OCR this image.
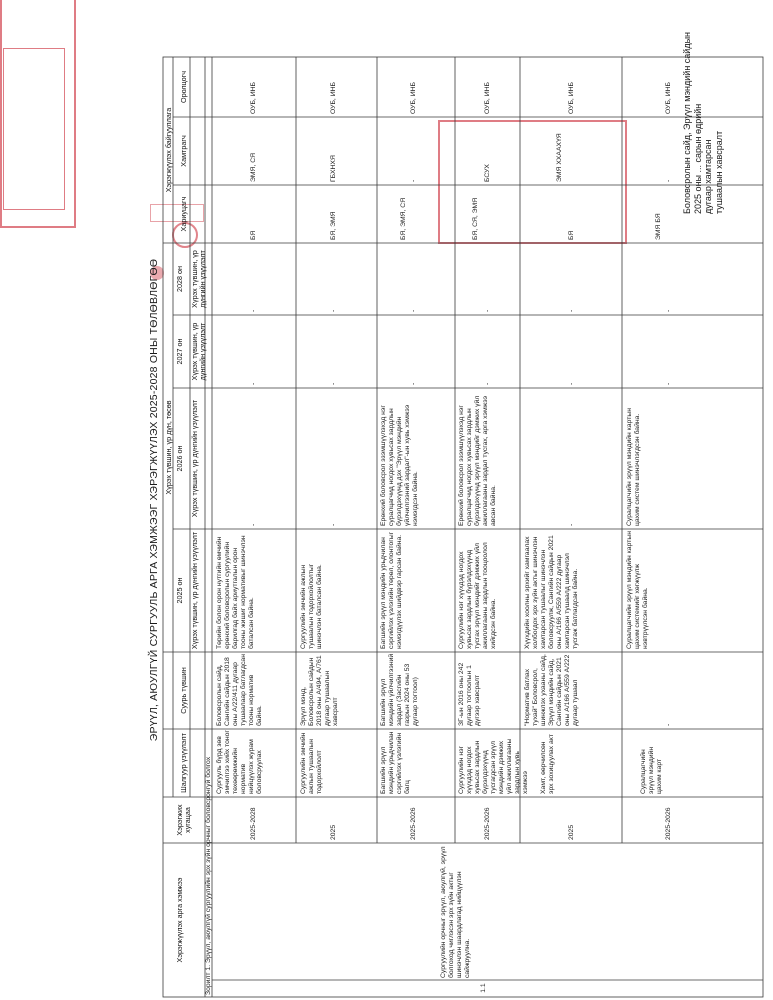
Боловсролын сайд, Эрүүл мэндийн сайдын 2025 оны ... сарын өдрийн
дугаар хамтарсан тушаалын хавсралт
ЭРҮҮЛ, АЮУЛГҮЙ СУРГУУЛЬ АРГА ХЭМЖЭЭГ ХЭРЭГЖҮҮЛЭХ 2025-2028 ОНЫ ТӨЛӨВЛӨГӨӨ
Хэрэгжүүлэх арга хэмжээ
Хэрэгжих хугацаа
Шалгуур үзүүлэлт
Суурь түвшин
Хүрэх түвшин, үр дүн, төсөв
2025 он
2026 он
2027 он
2028 он
Хүрэх түвшин, үр дүнгийн үзүүлэлт
Хүрэх түвшин, үр дүнгийн үзүүлэлт
Хүрэх түвшин, үр дүнгийн үзүүлэлт
Хүрэх түвшин, үр дүнгийн үзүүлэлт
Хэрэгжүүлэх байгууллага
Хариуцагч
Хамтрагч
Оролцогч
Зорилт 1. Эрүүл, аюулгүй сургуулийн эрх зүйн орчныг боловсронгуй болгох	1.1
Сургуулийн орчныг эрүүл, аюулгүй, эрүүл болгоход чиглэсэн эрх зүйн актыг шинэчлэн шаардлагад нийцүүлэн сайжруулна.
2025-2028
Сургууль бүрд зөв эмчилгээ хийх тоног төхөөрөмжийн норматив нийцүүлэх журам боловсруулах
Боловсролын сайд, Сангийн сайдын 2018 оны А/22/411 дугаар тушаалаар батлагдсан тооны норматив байна.
Төрийн болон орон нутгийн өмчийн ерөнхий боловсролын сургуулийн барилгад байх ариутгалын орон тооны жишиг нормативыг шинэчлэн баталсан байна.
-
-
-
БЯ
ЭМЯ, СЯ
ОУБ, ИНБ
2025
Сургуулийн эмчийн ажлын тушаалын тодорхойлолт
Эрүүл мэнд, Боловсролын сайдын 2018 оны А/494, А/761 дугаар тушаалын хавсралт
Сургуулийн эмчийн ажлын тушаалын тодорхойлолтыг шинэчлэн баталсан байна.
-
-
-
БЯ, ЭМЯ
ГБХНХЯ
ОУБ, ИНБ
2025-2026
Багшийн эрүүл мэндийн урьдчилан сэргийлэх үзлэгийн багц
Багшийн эрүүл мэндийн үйлчилгээний зардал (Засгийн газрын 2024 оны 53 дугаар тогтоол)
Багшийн эрүүл мэндийн урьдчилан сэргийлэх үзлэгийн төрөл, олонтогыг нэмэгдүүлэх шийдвэр гарсан байна.
Ерөнхий боловсрол эзэмшүүлэхэд нэг суралцагчид ногдох хувьсах зардлын бүрэлдэхүүнд дэх "Эрүүл мэндийн үйлчилгээний зардал"-ын хувь хэмжээ нэмэгдсэн байна.
-
-
БЯ, ЭМЯ, СЯ
-
ОУБ, ИНБ
2025-2026
Сургуулийн нэг хүүхдэд ногдох хувьсах зардлын бүрэлдэхүүнд тусгагдсан эрүүл мэндийн дэмжих үйл ажиллагааны зардлын хувь хэмжээ
ЗГ-ын 2016 оны 242 дугаар тогтоолын 1 дүгээр хавсралт
Сургуулийн нэг хүүхдэд ногдох хувьсах зардлын бүрэлдэхүүнд тусгах эрүүл мэндийг дэмжих үйл ажиллагааны зардлын тооцоолол хийгдсэн байна.
Ерөнхий боловсрол эзэмшүүлэхэд нэг суралцагчид ногдох хувьсах зардлын бүрэлдэхүүнд эрүүл мэндийг дэмжих үйл ажиллагааны зардал тусгах, арга хэмжээ авсан байна.
-
-
БЯ, СЯ, ЭМЯ
БСУХ
ОУБ, ИНБ
2025
Хамт, өөрчилсөн эрх зохицуулах акт
"Норматив батлах тухай" Боловсрол, шинжлэх ухааны сайд, Эрүүл мэндийн сайд, Сангийн сайдын 2021 оны А/166 А/559 А/222 дугаар тушаал
Хүүхдийн хоолны эрхийг хамгаалах холбогдох эрх зүйн актыг шинэчлэн хамтарсан тушаалыг шинэчлэн боловсруулж, Сангийн сайдын 2021 оны А/166 А/559 А/222 дугаар хамтарсан тушаалд шинэчлэл тусгаж батлагдсан байна.
-
-
-
БЯ
ЭМЯ ХХААХҮЯ
ОУБ, ИНБ
2025-2026
Суралцагчийн эрүүл мэндийн цахим карт
-
Суралцагчийн эрүүл мэндийн картын цахим системийг хөгжүүлж нэвтрүүлсэн байна.
Суралцагчийн эрүүл мэндийн картын цахим систем шинэчлэгдсэн байна.
-
-
ЭМЯ БЯ
-
ОУБ, ИНБ
